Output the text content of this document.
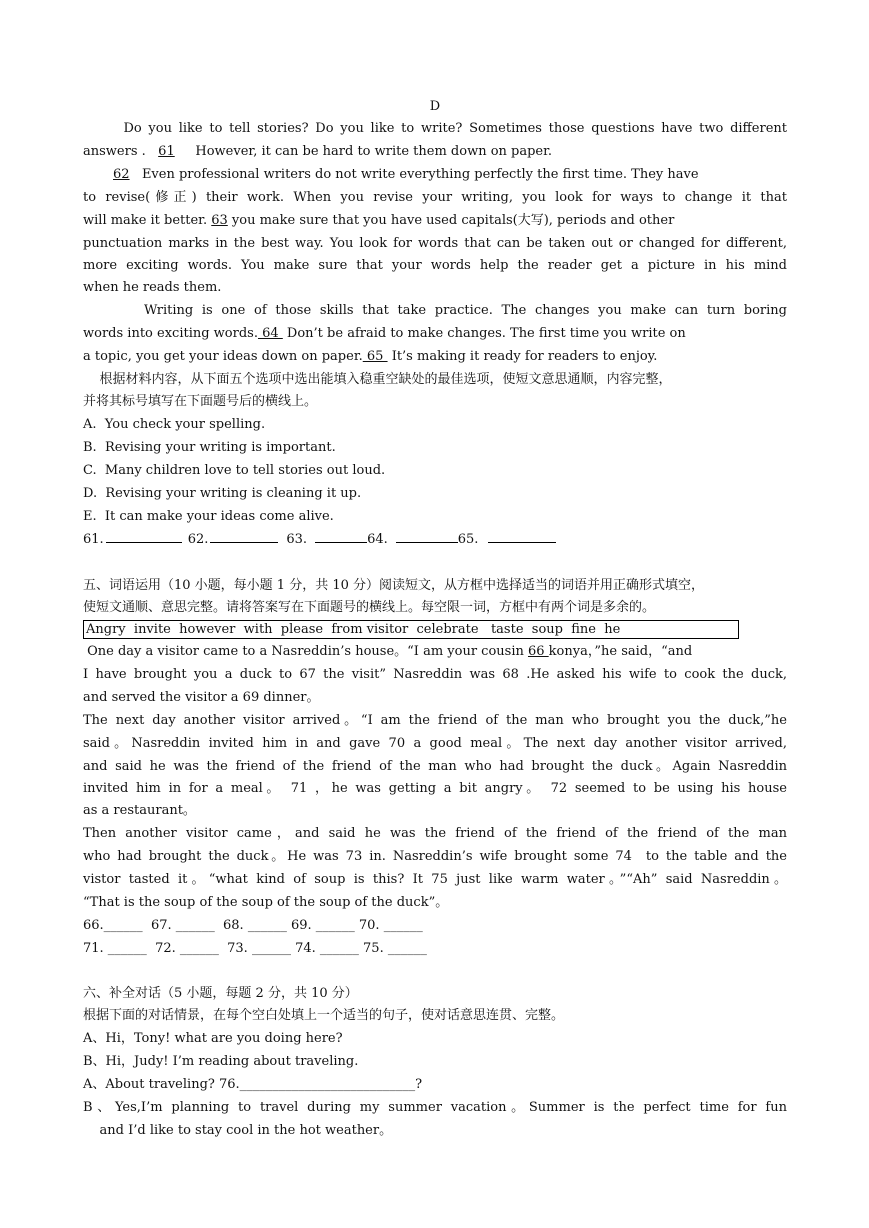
D
Do you like to tell stories? Do you like to write? Sometimes those questions have two different
answers .   61     However, it can be hard to write them down on paper.
62   Even professional writers do not write everything perfectly the first time. They have
to revise(修正) their work. When you revise your writing, you look for ways to change it that
will make it better. 63 you make sure that you have used capitals(大写), periods and other
punctuation marks in the best way. You look for words that can be taken out or changed for different,
more exciting words. You make sure that your words help the reader get a picture in his mind
when he reads them.
Writing is one of those skills that take practice. The changes you make can turn boring
words into exciting words. 64  Don’t be afraid to make changes. The first time you write on
a topic, you get your ideas down on paper. 65  It’s making it ready for readers to enjoy.
根据材料内容，从下面五个选项中选出能填入稳重空缺处的最佳选项，使短文意思通顺，内容完整，
并将其标号填写在下面题号后的横线上。
A.  You check your spelling.
B.  Revising your writing is important.
C.  Many children love to tell stories out loud.
D.  Revising your writing is cleaning it up.
E.  It can make your ideas come alive.
61.	62.	63.	64.	65.
五、词语运用（10 小题，每小题 1 分，共 10 分）阅读短文，从方框中选择适当的词语并用正确形式填空，
使短文通顺、意思完整。请将答案写在下面题号的横线上。每空限一词，方框中有两个词是多余的。
Angry  invite  however  with  please  from visitor  celebrate   taste  soup  fine  he
One day a visitor came to a Nasreddin’s house。“I am your cousin 66 konya，”he said，“and
I have brought you a duck to 67 the visit” Nasreddin was 68 .He asked his wife to cook the duck,
and served the visitor a 69 dinner。
The next day another visitor arrived。“I am the friend of the man who brought you the duck,”he
said。Nasreddin invited him in and gave 70 a good meal。The next day another visitor arrived,
and said he was the friend of the friend of the man who had brought the duck。Again Nasreddin
invited him in for a meal。 71 ，he was getting a bit angry。 72 seemed to be using his house
as a restaurant。
Then another visitor came，and said he was the friend of the friend of the friend of the man
who had brought the duck。He was 73 in. Nasreddin’s wife brought some 74  to the table and the
vistor tasted it。“what kind of soup is this? It 75 just like warm water。”“Ah” said Nasreddin。
“That is the soup of the soup of the soup of the duck”。
66.______  67. ______  68. ______ 69. ______ 70. ______
71. ______  72. ______  73. ______ 74. ______ 75. ______
六、补全对话（5 小题，每题 2 分，共 10 分）
根据下面的对话情景，在每个空白处填上一个适当的句子，使对话意思连贯、完整。
A、Hi，Tony! what are you doing here?
B、Hi，Judy! I’m reading about traveling.
A、About traveling? 76.___________________________?
B、Yes,I’m planning to travel during my summer vacation。Summer is the perfect time for fun
and I’d like to stay cool in the hot weather。
